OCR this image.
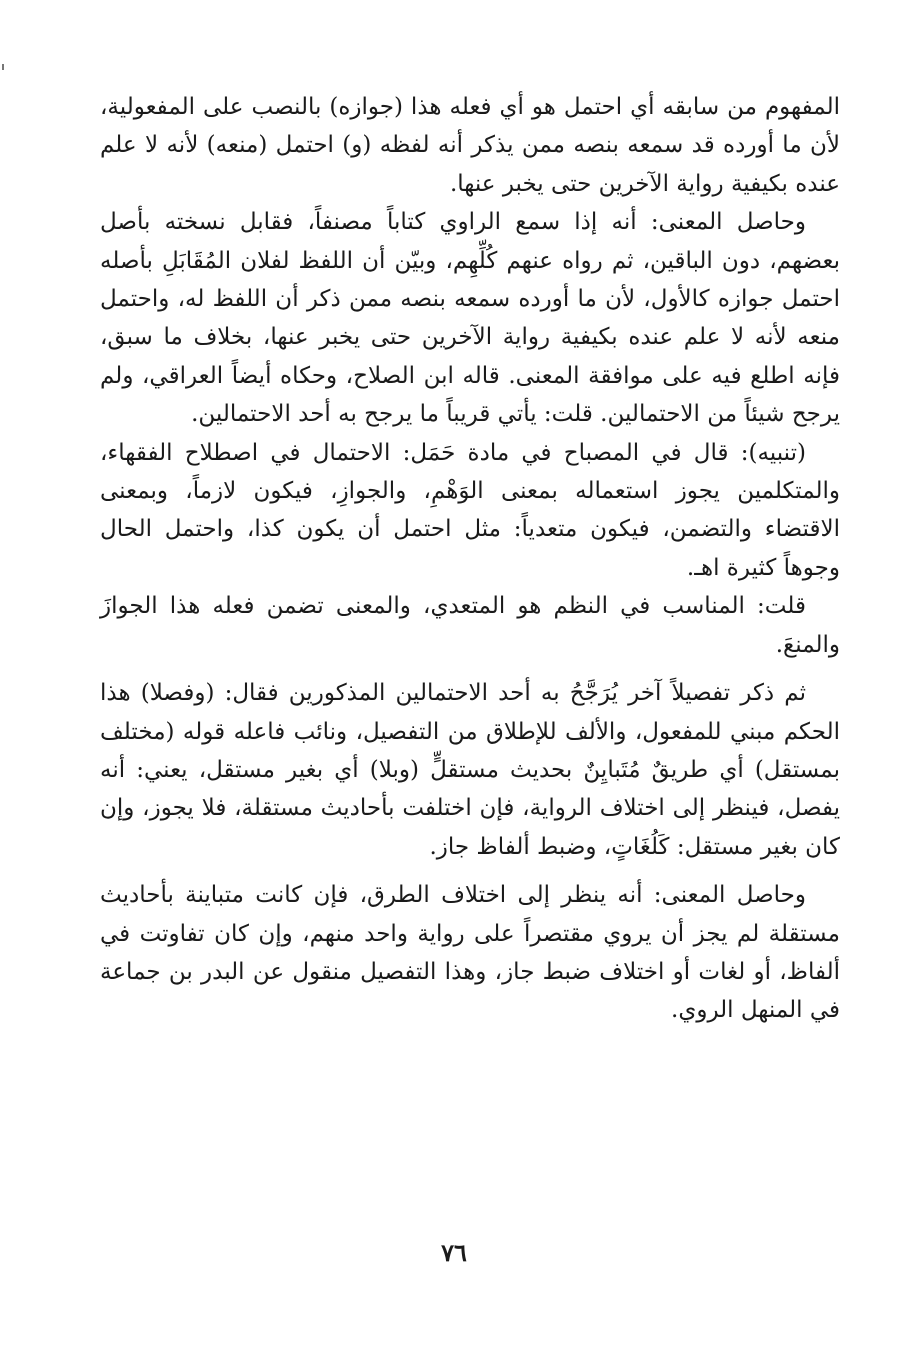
المفهوم من سابقه أي احتمل هو أي فعله هذا (جوازه) بالنصب على المفعولية، لأن ما أورده قد سمعه بنصه ممن يذكر أنه لفظه (و) احتمل (منعه) لأنه لا علم عنده بكيفية رواية الآخرين حتى يخبر عنها.

وحاصل المعنى: أنه إذا سمع الراوي كتاباً مصنفاً، فقابل نسخته بأصل بعضهم، دون الباقين، ثم رواه عنهم كُلِّهِم، وبيّن أن اللفظ لفلان المُقَابَلِ بأصله احتمل جوازه كالأول، لأن ما أورده سمعه بنصه ممن ذكر أن اللفظ له، واحتمل منعه لأنه لا علم عنده بكيفية رواية الآخرين حتى يخبر عنها، بخلاف ما سبق، فإنه اطلع فيه على موافقة المعنى. قاله ابن الصلاح، وحكاه أيضاً العراقي، ولم يرجح شيئاً من الاحتمالين. قلت: يأتي قريباً ما يرجح به أحد الاحتمالين.

(تنبيه): قال في المصباح في مادة حَمَل: الاحتمال في اصطلاح الفقهاء، والمتكلمين يجوز استعماله بمعنى الوَهْمِ، والجوازِ، فيكون لازماً، وبمعنى الاقتضاء والتضمن، فيكون متعدياً: مثل احتمل أن يكون كذا، واحتمل الحال وجوهاً كثيرة اهـ.

قلت: المناسب في النظم هو المتعدي، والمعنى تضمن فعله هذا الجوازَ والمنعَ.

ثم ذكر تفصيلاً آخر يُرَجَّحُ به أحد الاحتمالين المذكورين فقال: (وفصلا) هذا الحكم مبني للمفعول، والألف للإطلاق من التفصيل، ونائب فاعله قوله (مختلف بمستقل) أي طريقٌ مُتَبايِنٌ بحديث مستقلٍّ (وبلا) أي بغير مستقل، يعني: أنه يفصل، فينظر إلى اختلاف الرواية، فإن اختلفت بأحاديث مستقلة، فلا يجوز، وإن كان بغير مستقل: كَلُغَاتٍ، وضبط ألفاظ جاز.

وحاصل المعنى: أنه ينظر إلى اختلاف الطرق، فإن كانت متباينة بأحاديث مستقلة لم يجز أن يروي مقتصراً على رواية واحد منهم، وإن كان تفاوتت في ألفاظ، أو لغات أو اختلاف ضبط جاز، وهذا التفصيل منقول عن البدر بن جماعة في المنهل الروي.

٧٦
